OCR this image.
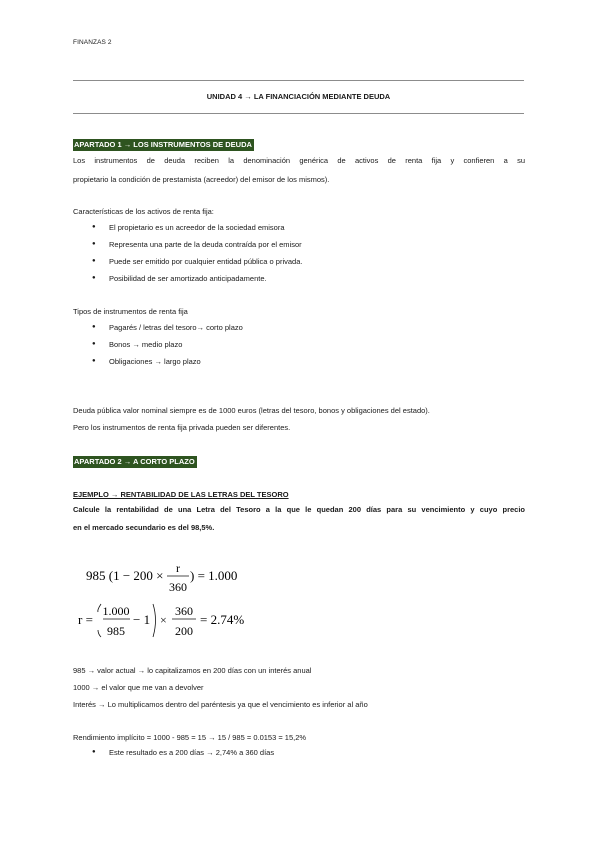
FINANZAS 2
UNIDAD 4 → LA FINANCIACIÓN MEDIANTE DEUDA
APARTADO 1 → LOS INSTRUMENTOS DE DEUDA
Los instrumentos de deuda reciben la denominación genérica de activos de renta fija y confieren a su
propietario la condición de prestamista (acreedor) del emisor de los mismos).
Características de los activos de renta fija:
● El propietario es un acreedor de la sociedad emisora
● Representa una parte de la deuda contraída por el emisor
● Puede ser emitido por cualquier entidad pública o privada.
● Posibilidad de ser amortizado anticipadamente.
Tipos de instrumentos de renta fija
● Pagarés / letras del tesoro→ corto plazo
● Bonos → medio plazo
● Obligaciones → largo plazo
Deuda pública valor nominal siempre es de 1000 euros (letras del tesoro, bonos y obligaciones del estado).
Pero los instrumentos de renta fija privada pueden ser diferentes.
APARTADO 2 → A CORTO PLAZO
EJEMPLO → RENTABILIDAD DE LAS LETRAS DEL TESORO
Calcule la rentabilidad de una Letra del Tesoro a la que le quedan 200 días para su vencimiento y cuyo precio
en el mercado secundario es del 98,5%.
985 (1 − 200 × r
360
) = 1.000
r =
1.000
985
− 1 ×
360
200
= 2.74%
985 → valor actual → lo capitalizamos en 200 días con un interés anual
1000 → el valor que me van a devolver
Interés → Lo multiplicamos dentro del paréntesis ya que el vencimiento es inferior al año
Rendimiento implícito = 1000 - 985 = 15 → 15 / 985 = 0.0153 = 15,2%
● Este resultado es a 200 días → 2,74% a 360 días
